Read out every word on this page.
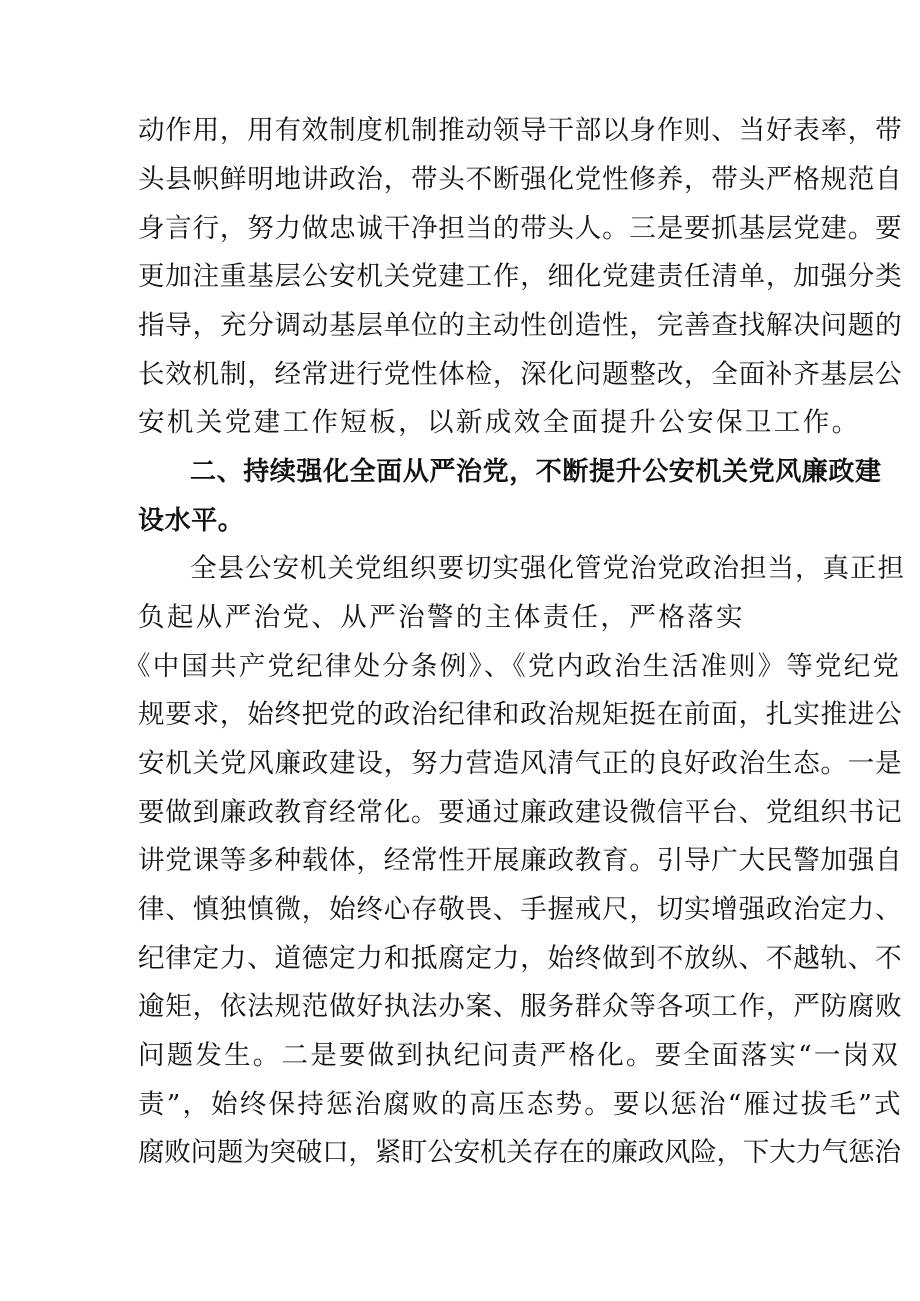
动作用，用有效制度机制推动领导干部以身作则、当好表率，带
头县帜鲜明地讲政治，带头不断强化党性修养，带头严格规范自
身言行，努力做忠诚干净担当的带头人。三是要抓基层党建。要
更加注重基层公安机关党建工作，细化党建责任清单，加强分类
指导，充分调动基层单位的主动性创造性，完善查找解决问题的
长效机制，经常进行党性体检，深化问题整改，全面补齐基层公
安机关党建工作短板，以新成效全面提升公安保卫工作。
二、持续强化全面从严治党，不断提升公安机关党风廉政建
设水平。
全县公安机关党组织要切实强化管党治党政治担当，真正担
负起从严治党、从严治警的主体责任，严格落实
《中国共产党纪律处分条例》、《党内政治生活准则》等党纪党
规要求，始终把党的政治纪律和政治规矩挺在前面，扎实推进公
安机关党风廉政建设，努力营造风清气正的良好政治生态。一是
要做到廉政教育经常化。要通过廉政建设微信平台、党组织书记
讲党课等多种载体，经常性开展廉政教育。引导广大民警加强自
律、慎独慎微，始终心存敬畏、手握戒尺，切实增强政治定力、
纪律定力、道德定力和抵腐定力，始终做到不放纵、不越轨、不
逾矩，依法规范做好执法办案、服务群众等各项工作，严防腐败
问题发生。二是要做到执纪问责严格化。要全面落实“一岗双
责”，始终保持惩治腐败的高压态势。要以惩治“雁过拔毛”式
腐败问题为突破口，紧盯公安机关存在的廉政风险，下大力气惩治
